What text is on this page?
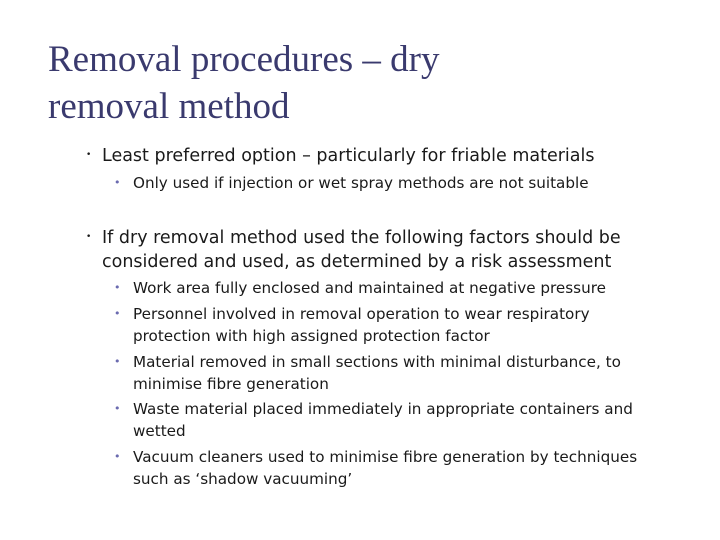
Removal procedures – dry
removal method
• Least preferred option – particularly for friable materials
• Only used if injection or wet spray methods are not suitable
• If dry removal method used the following factors should be
considered and used, as determined by a risk assessment
• Work area fully enclosed and maintained at negative pressure
• Personnel involved in removal operation to wear respiratory
protection with high assigned protection factor
• Material removed in small sections with minimal disturbance, to
minimise fibre generation
• Waste material placed immediately in appropriate containers and
wetted
• Vacuum cleaners used to minimise fibre generation by techniques
such as ‘shadow vacuuming’
